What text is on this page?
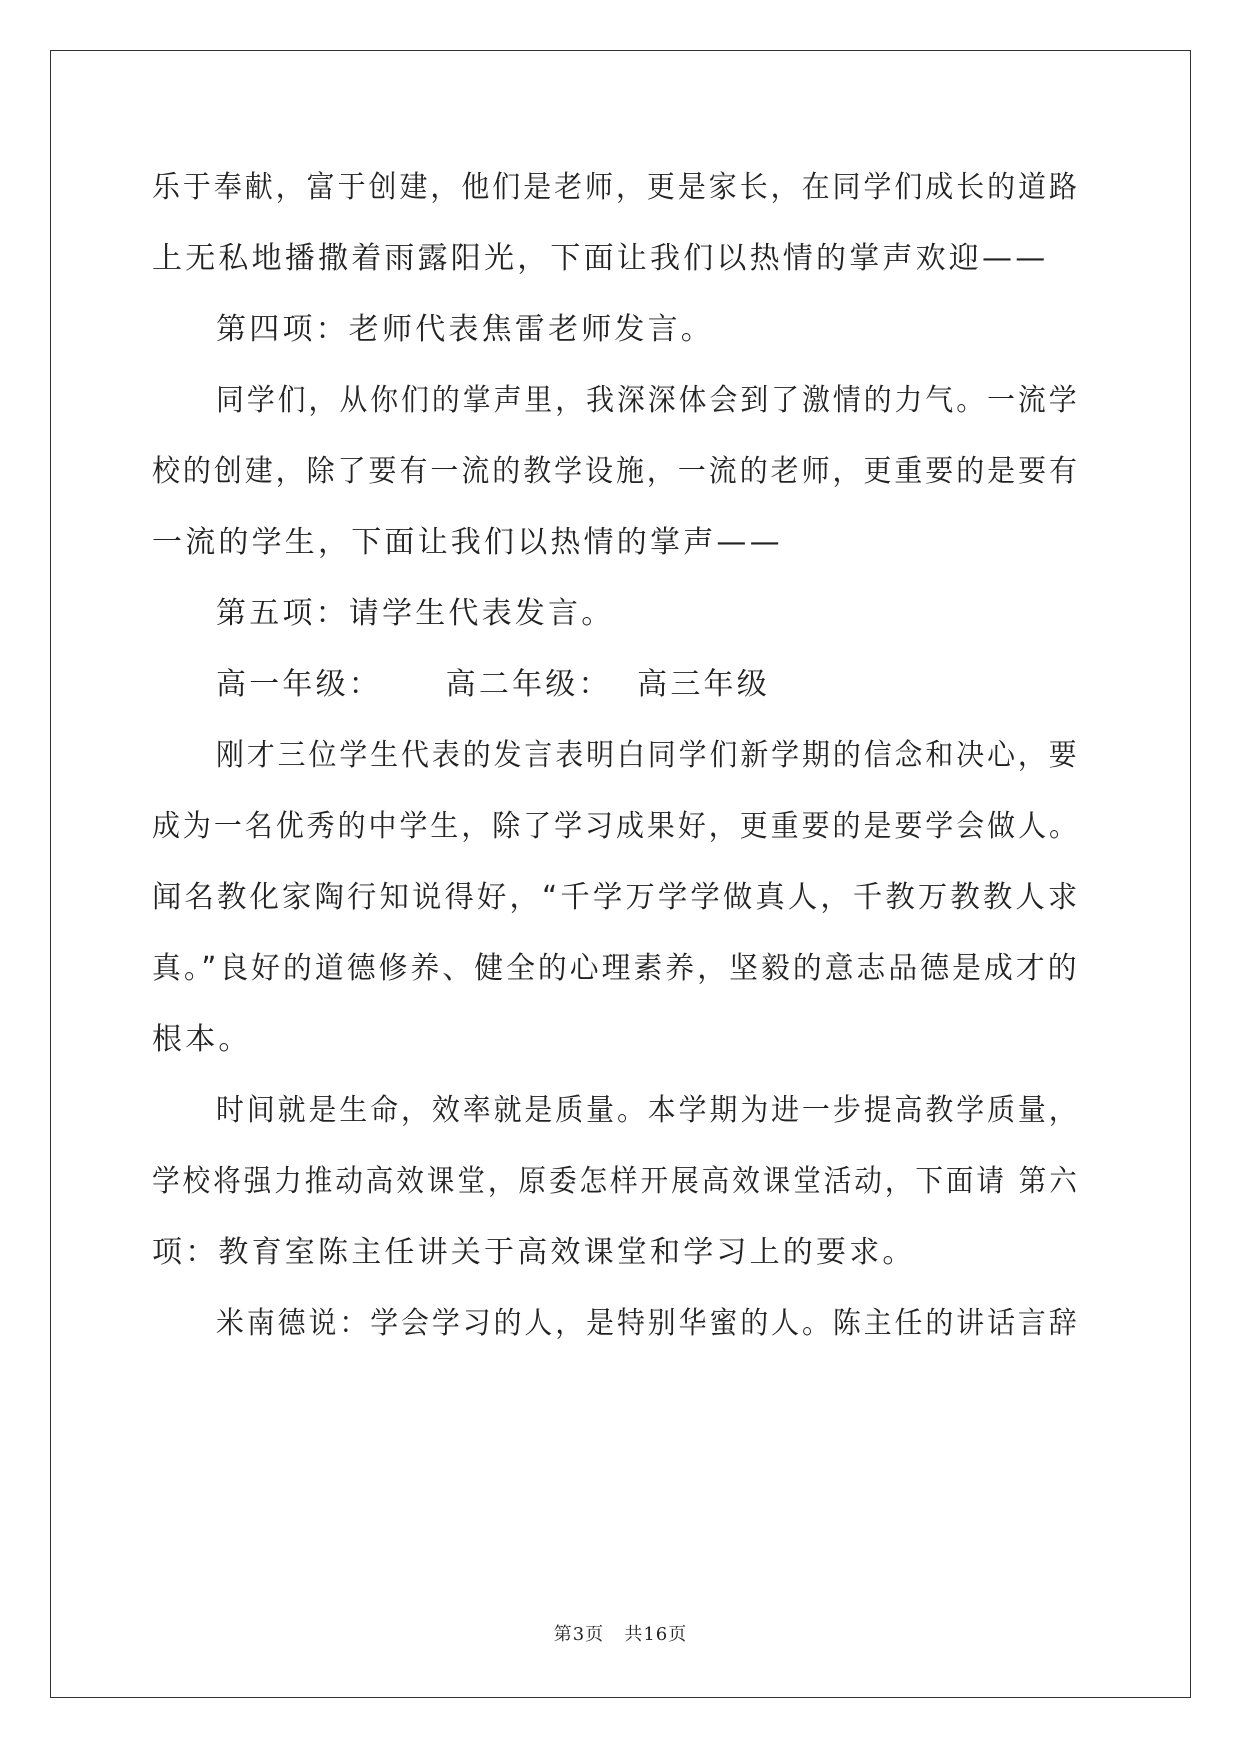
乐于奉献，富于创建，他们是老师，更是家长，在同学们成长的道路
上无私地播撒着雨露阳光，下面让我们以热情的掌声欢迎——
第四项：老师代表焦雷老师发言。
同学们，从你们的掌声里，我深深体会到了激情的力气。一流学
校的创建，除了要有一流的教学设施，一流的老师，更重要的是要有
一流的学生，下面让我们以热情的掌声——
第五项：请学生代表发言。
高一年级：     高二年级：  高三年级
刚才三位学生代表的发言表明白同学们新学期的信念和决心，要
成为一名优秀的中学生，除了学习成果好，更重要的是要学会做人。
闻名教化家陶行知说得好，“千学万学学做真人，千教万教教人求
真。”良好的道德修养、健全的心理素养，坚毅的意志品德是成才的
根本。
时间就是生命，效率就是质量。本学期为进一步提高教学质量，
学校将强力推动高效课堂，原委怎样开展高效课堂活动，下面请 第六
项：教育室陈主任讲关于高效课堂和学习上的要求。
米南德说：学会学习的人，是特别华蜜的人。陈主任的讲话言辞
第3页   共16页
